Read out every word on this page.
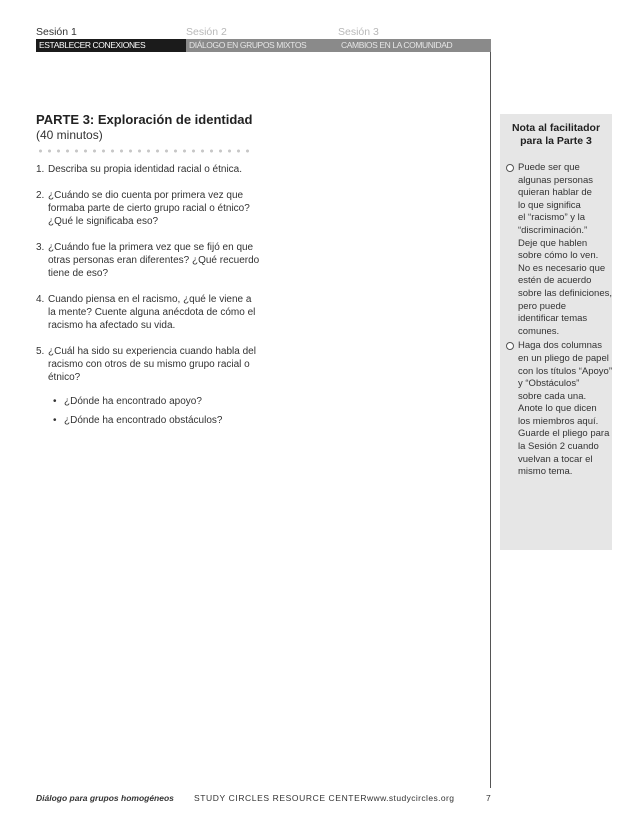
Sesión 1
ESTABLECER CONEXIONES
Sesión 2
DIÁLOGO EN GRUPOS MIXTOS
Sesión 3
CAMBIOS EN LA COMUNIDAD
PARTE 3: Exploración de identidad
(40 minutos)
1. Describa su propia identidad racial o étnica.
2. ¿Cuándo se dio cuenta por primera vez que formaba parte de cierto grupo racial o étnico? ¿Qué le significaba eso?
3. ¿Cuándo fue la primera vez que se fijó en que otras personas eran diferentes? ¿Qué recuerdo tiene de eso?
4. Cuando piensa en el racismo, ¿qué le viene a la mente? Cuente alguna anécdota de cómo el racismo ha afectado su vida.
5. ¿Cuál ha sido su experiencia cuando habla del racismo con otros de su mismo grupo racial o étnico?
• ¿Dónde ha encontrado apoyo?
• ¿Dónde ha encontrado obstáculos?
Nota al facilitador
para la Parte 3
Puede ser que
algunas personas
quieran hablar de
lo que significa
el “racismo” y la
“discriminación.”
Deje que hablen
sobre cómo lo ven.
No es necesario que
estén de acuerdo
sobre las definiciones,
pero puede
identificar temas
comunes.
Haga dos columnas
en un pliego de papel
con los títulos “Apoyo”
y “Obstáculos”
sobre cada una.
Anote lo que dicen
los miembros aquí.
Guarde el pliego para
la Sesión 2 cuando
vuelvan a tocar el
mismo tema.
Diálogo para grupos homogéneos STUDY CIRCLES RESOURCE CENTER www.studycircles.org	7
